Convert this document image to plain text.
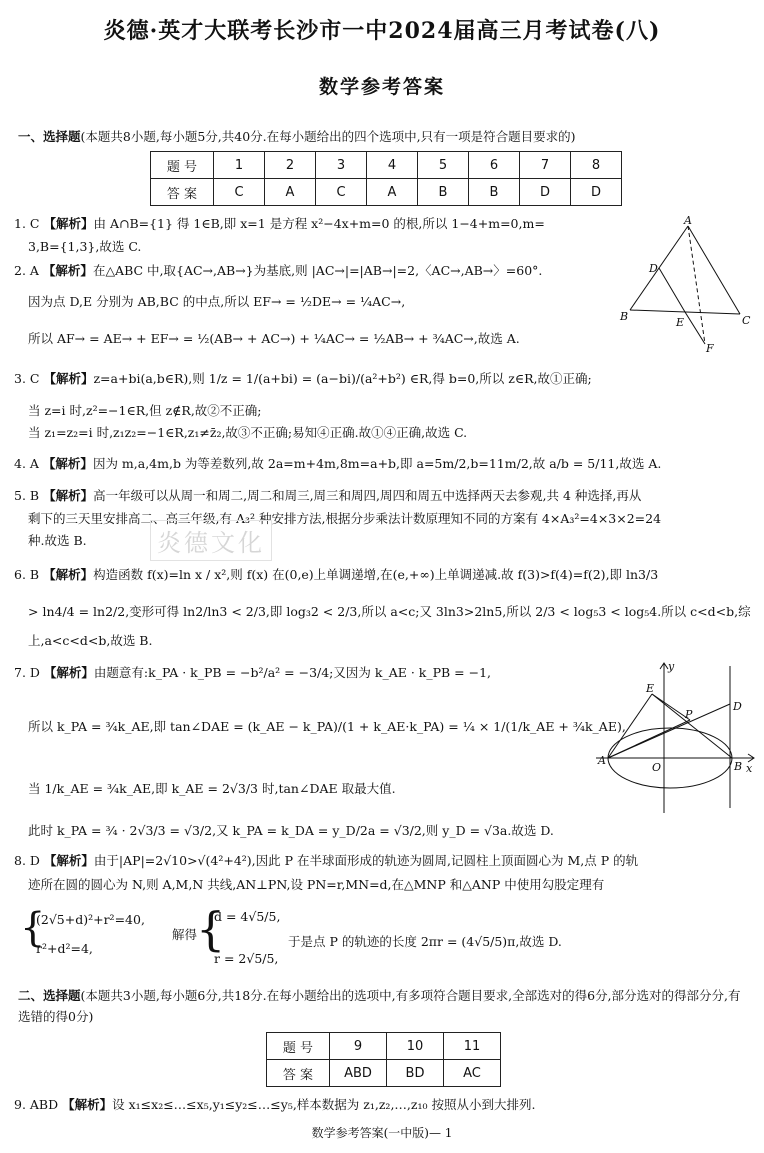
炎德·英才大联考长沙市一中2024届高三月考试卷(八)
数学参考答案
一、选择题(本题共8小题,每小题5分,共40分.在每小题给出的四个选项中,只有一项是符合题目要求的)
题 号	1	2	3	4	5	6	7	8
答 案	C	A	C	A	B	B	D	D
1. C 【解析】由 A∩B={1} 得 1∈B,即 x=1 是方程 x²−4x+m=0 的根,所以 1−4+m=0,m=
3,B={1,3},故选 C.
2. A 【解析】在△ABC 中,取{AC→,AB→}为基底,则 |AC→|=|AB→|=2,〈AC→,AB→〉=60°.
因为点 D,E 分别为 AB,BC 的中点,所以 EF→ = ½DE→ = ¼AC→,
所以 AF→ = AE→ + EF→ = ½(AB→ + AC→) + ¼AC→ = ½AB→ + ¾AC→,故选 A.
A
B	C
D
E
F
3. C 【解析】z=a+bi(a,b∈R),则 1/z = 1/(a+bi) = (a−bi)/(a²+b²) ∈R,得 b=0,所以 z∈R,故①正确;
当 z=i 时,z²=−1∈R,但 z∉R,故②不正确;
当 z₁=z₂=i 时,z₁z₂=−1∈R,z₁≠z̄₂,故③不正确;易知④正确.故①④正确,故选 C.
4. A 【解析】因为 m,a,4m,b 为等差数列,故 2a=m+4m,8m=a+b,即 a=5m/2,b=11m/2,故 a/b = 5/11,故选 A.
5. B 【解析】高一年级可以从周一和周二,周二和周三,周三和周四,周四和周五中选择两天去参观,共 4 种选择,再从
剩下的三天里安排高二、高三年级,有 A₃² 种安排方法,根据分步乘法计数原理知不同的方案有 4×A₃²=4×3×2=24
种.故选 B.	炎德文化
6. B 【解析】构造函数 f(x)=ln x / x²,则 f(x) 在(0,e)上单调递增,在(e,+∞)上单调递减.故 f(3)>f(4)=f(2),即 ln3/3
> ln4/4 = ln2/2,变形可得 ln2/ln3 < 2/3,即 log₃2 < 2/3,所以 a<c;又 3ln3>2ln5,所以 2/3 < log₅3 < log₅4.所以 c<d<b,综
上,a<c<d<b,故选 B.
7. D 【解析】由题意有:k_PA · k_PB = −b²/a² = −3/4;又因为 k_AE · k_PB = −1,
所以 k_PA = ¾k_AE,即 tan∠DAE = (k_AE − k_PA)/(1 + k_AE·k_PA) = ¼ × 1/(1/k_AE + ¾k_AE),
当 1/k_AE = ¾k_AE,即 k_AE = 2√3/3 时,tan∠DAE 取最大值.
此时 k_PA = ¾ · 2√3/3 = √3/2,又 k_PA = k_DA = y_D/2a = √3/2,则 y_D = √3a.故选 D.
y
x
E
P
D
A
O	B
8. D 【解析】由于|AP|=2√10>√(4²+4²),因此 P 在半球面形成的轨迹为圆周,记圆柱上顶面圆心为 M,点 P 的轨
迹所在圆的圆心为 N,则 A,M,N 共线,AN⊥PN,设 PN=r,MN=d,在△MNP 和△ANP 中使用勾股定理有
{
(2√5+d)²+r²=40,
r²+d²=4,
解得
{
d = 4√5/5,
r = 2√5/5,
于是点 P 的轨迹的长度 2πr = (4√5/5)π,故选 D.
二、选择题(本题共3小题,每小题6分,共18分.在每小题给出的选项中,有多项符合题目要求,全部选对的得6分,部分选对的得部分分,有选错的得0分)
题 号	9	10	11
答 案	ABD	BD	AC
9. ABD 【解析】设 x₁≤x₂≤…≤x₅,y₁≤y₂≤…≤y₅,样本数据为 z₁,z₂,…,z₁₀ 按照从小到大排列.
数学参考答案(一中版)— 1
